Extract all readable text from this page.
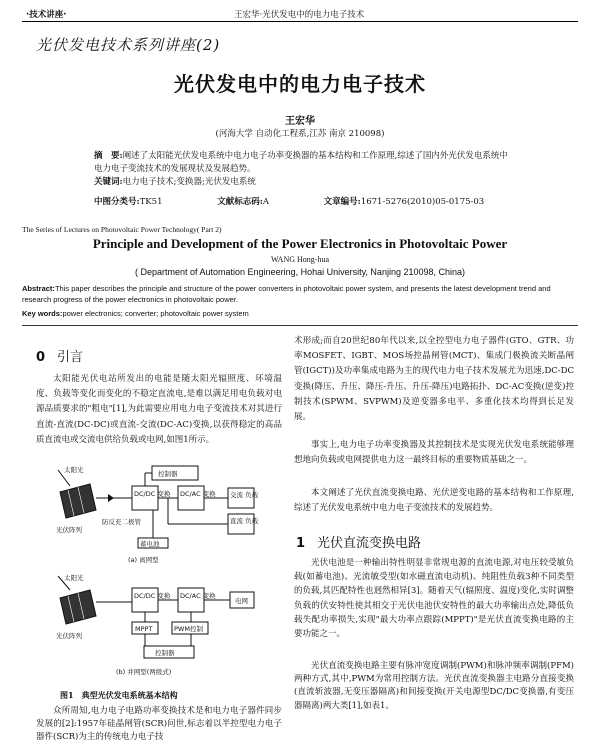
·技术讲座·	王宏华·光伏发电中的电力电子技术
光伏发电技术系列讲座(2)
光伏发电中的电力电子技术
王宏华
(河海大学 自动化工程系,江苏 南京 210098)
摘　要:阐述了太阳能光伏发电系统中电力电子功率变换器的基本结构和工作原理,综述了国内外光伏发电系统中电力电子变流技术的发展现状及发展趋势。
关键词:电力电子技术;变换器;光伏发电系统
中图分类号:TK51	文献标志码:A	文章编号:1671-5276(2010)05-0175-03
The Series of Lectures on Photovoltaic Power Technology( Part 2)
Principle and Development of the Power Electronics in Photovoltaic Power
WANG Hong-hua
( Department of Automation Engineering, Hohai University, Nanjing 210098, China)
Abstract:This paper describes the principle and structure of the power converters in photovoltaic power system, and presents the latest development trend and research progress of the power electronics in photovoltaic power.
Key words:power electronics; converter; photovoltaic power system
0 引言
太阳能光伏电站所发出的电能是随太阳光辐照度、环境温度、负载等变化而变化的不稳定直流电,是难以满足用电负载对电源品质要求的"粗电"[1],为此需要应用电力电子变流技术对其进行直流-直流(DC-DC)或直流-交流(DC-AC)变换,以获得稳定的高品质直流电或交流电供给负载或电网,如图1所示。
太阳光
光伏阵列
防反充二极管
DC/DC 变换 DC/AC 变换 交流 负载
直流 负载
控制器
蓄电池
(a) 离网型
太阳光
光伏阵列
DC/DC 变换 DC/AC 变换
电网
MPPT	PWM控制
控制器
(b) 并网型(两级式)
图1　典型光伏发电系统基本结构
众所周知,电力电子电路功率变换技术是和电力电子器件同步发展的[2]:1957年硅晶闸管(SCR)问世,标志着以半控型电力电子器件(SCR)为主的传统电力电子技
术形成;而自20世纪80年代以来,以全控型电力电子器件(GTO、GTR、功率MOSFET、IGBT、MOS场控晶闸管(MCT)、集成门极换流关断晶闸管(IGCT))及功率集成电路为主的现代电力电子技术发展尤为迅速,DC-DC变换(降压、升压、降压-升压、升压-降压)电路拓扑、DC-AC变换(逆变)控制技术(SPWM、SVPWM)及逆变器多电平、多重化技术均得到长足发展。
事实上,电力电子功率变换器及其控制技术是实现光伏发电系统能够理想地向负载或电网提供电力这一最终目标的重要物质基础之一。
本文阐述了光伏直流变换电路、光伏逆变电路的基本结构和工作原理,综述了光伏发电系统中电力电子变流技术的发展趋势。
1 光伏直流变换电路
光伏电池是一种输出特性明显非常规电源的直流电源,对电压较受敏负载(如蓄电池)、光流敏受型(如水磁直流电动机)、纯阻性负载3种不同类型的负载,其匹配特性也迥然相异[3]。随着天气(辐照度、温度)变化,实时调整负载的伏安特性使其相交于光伏电池伏安特性的最大功率输出点处,降低负载失配功率损失,实现"最大功率点跟踪(MPPT)"是光伏直流变换电路的主要功能之一。
光伏直流变换电路主要有脉冲宽度调制(PWM)和脉冲频率调制(PFM)两种方式,其中,PWM为常用控制方法。光伏直流变换器主电路分直接变换(直流斩波器,无变压器隔离)和间接变换(开关电源型DC/DC变换器,有变压器隔离)两大类[1],如表1。
